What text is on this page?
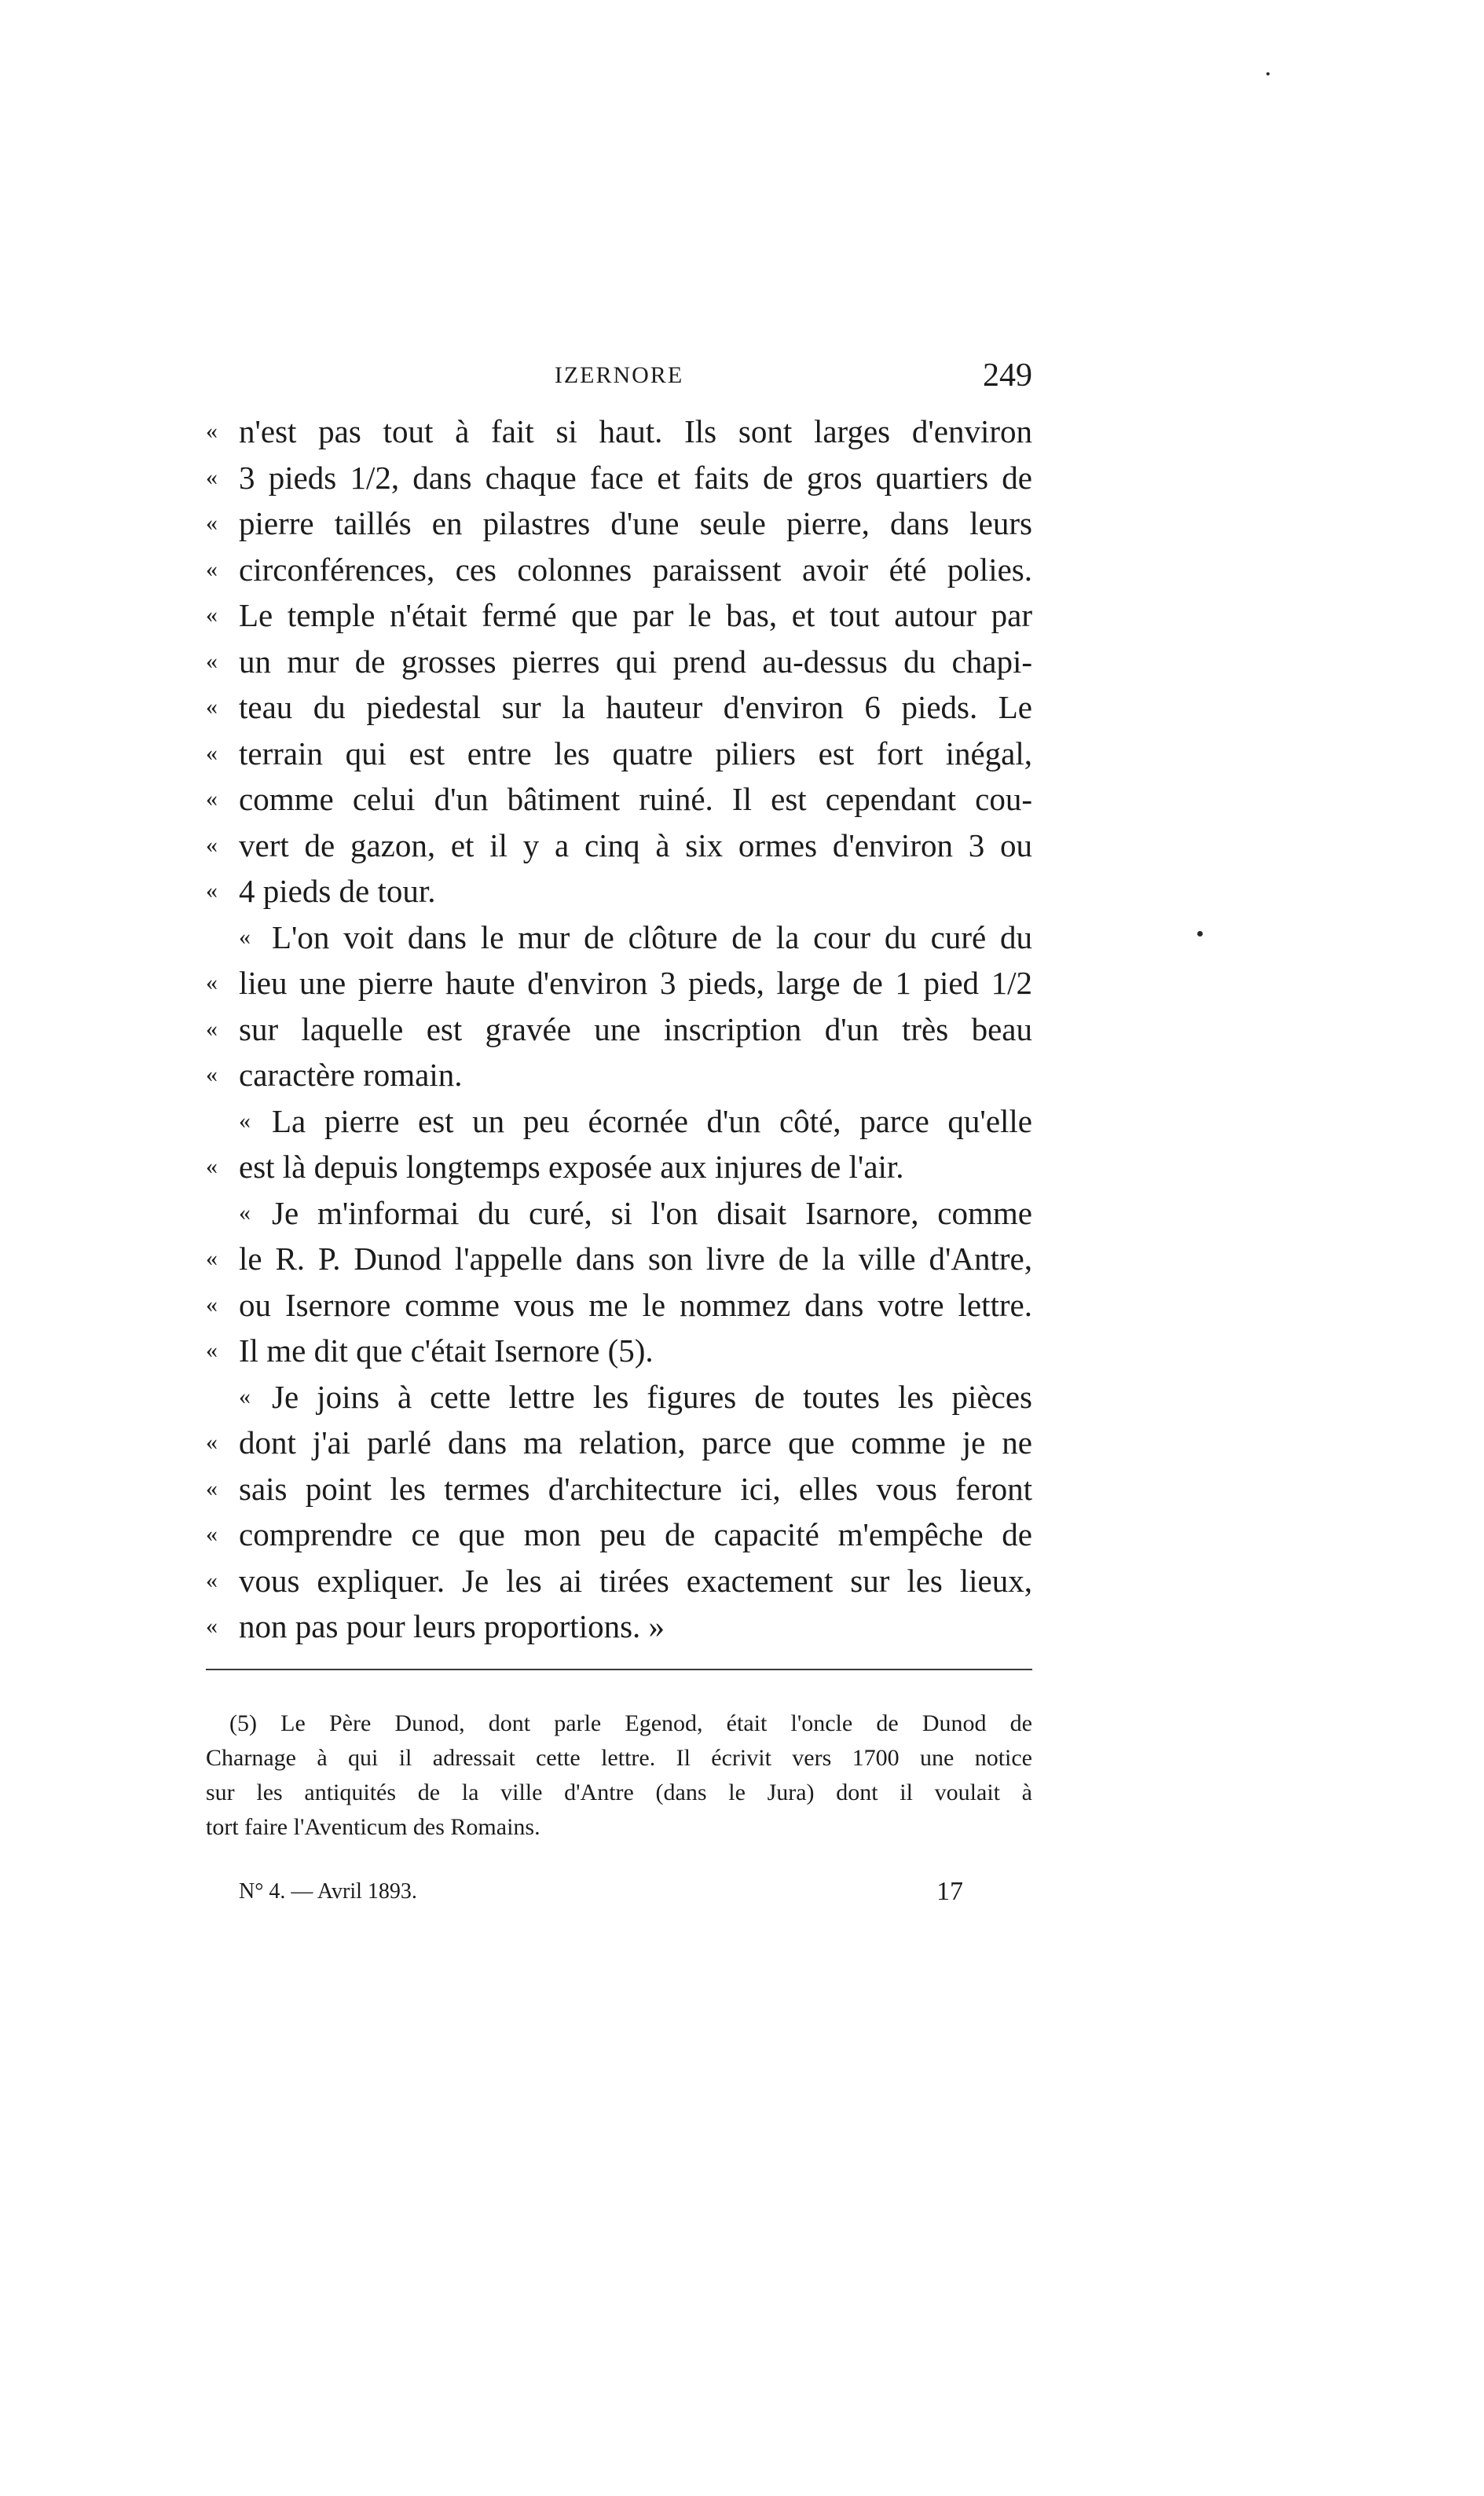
IZERNORE	249
« n'est pas tout à fait si haut. Ils sont larges d'environ
« 3 pieds 1/2, dans chaque face et faits de gros quartiers de
« pierre taillés en pilastres d'une seule pierre, dans leurs
« circonférences, ces colonnes paraissent avoir été polies.
« Le temple n'était fermé que par le bas, et tout autour par
« un mur de grosses pierres qui prend au-dessus du chapi-
« teau du piedestal sur la hauteur d'environ 6 pieds. Le
« terrain qui est entre les quatre piliers est fort inégal,
« comme celui d'un bâtiment ruiné. Il est cependant cou-
« vert de gazon, et il y a cinq à six ormes d'environ 3 ou
« 4 pieds de tour.
« L'on voit dans le mur de clôture de la cour du curé du
« lieu une pierre haute d'environ 3 pieds, large de 1 pied 1/2
« sur laquelle est gravée une inscription d'un très beau
« caractère romain.
« La pierre est un peu écornée d'un côté, parce qu'elle
« est là depuis longtemps exposée aux injures de l'air.
« Je m'informai du curé, si l'on disait Isarnore, comme
« le R. P. Dunod l'appelle dans son livre de la ville d'Antre,
« ou Isernore comme vous me le nommez dans votre lettre.
« Il me dit que c'était Isernore (5).
« Je joins à cette lettre les figures de toutes les pièces
« dont j'ai parlé dans ma relation, parce que comme je ne
« sais point les termes d'architecture ici, elles vous feront
« comprendre ce que mon peu de capacité m'empêche de
« vous expliquer. Je les ai tirées exactement sur les lieux,
« non pas pour leurs proportions. »
(5) Le Père Dunod, dont parle Egenod, était l'oncle de Dunod de
Charnage à qui il adressait cette lettre. Il écrivit vers 1700 une notice
sur les antiquités de la ville d'Antre (dans le Jura) dont il voulait à
tort faire l'Aventicum des Romains.
N° 4. — Avril 1893.	17
